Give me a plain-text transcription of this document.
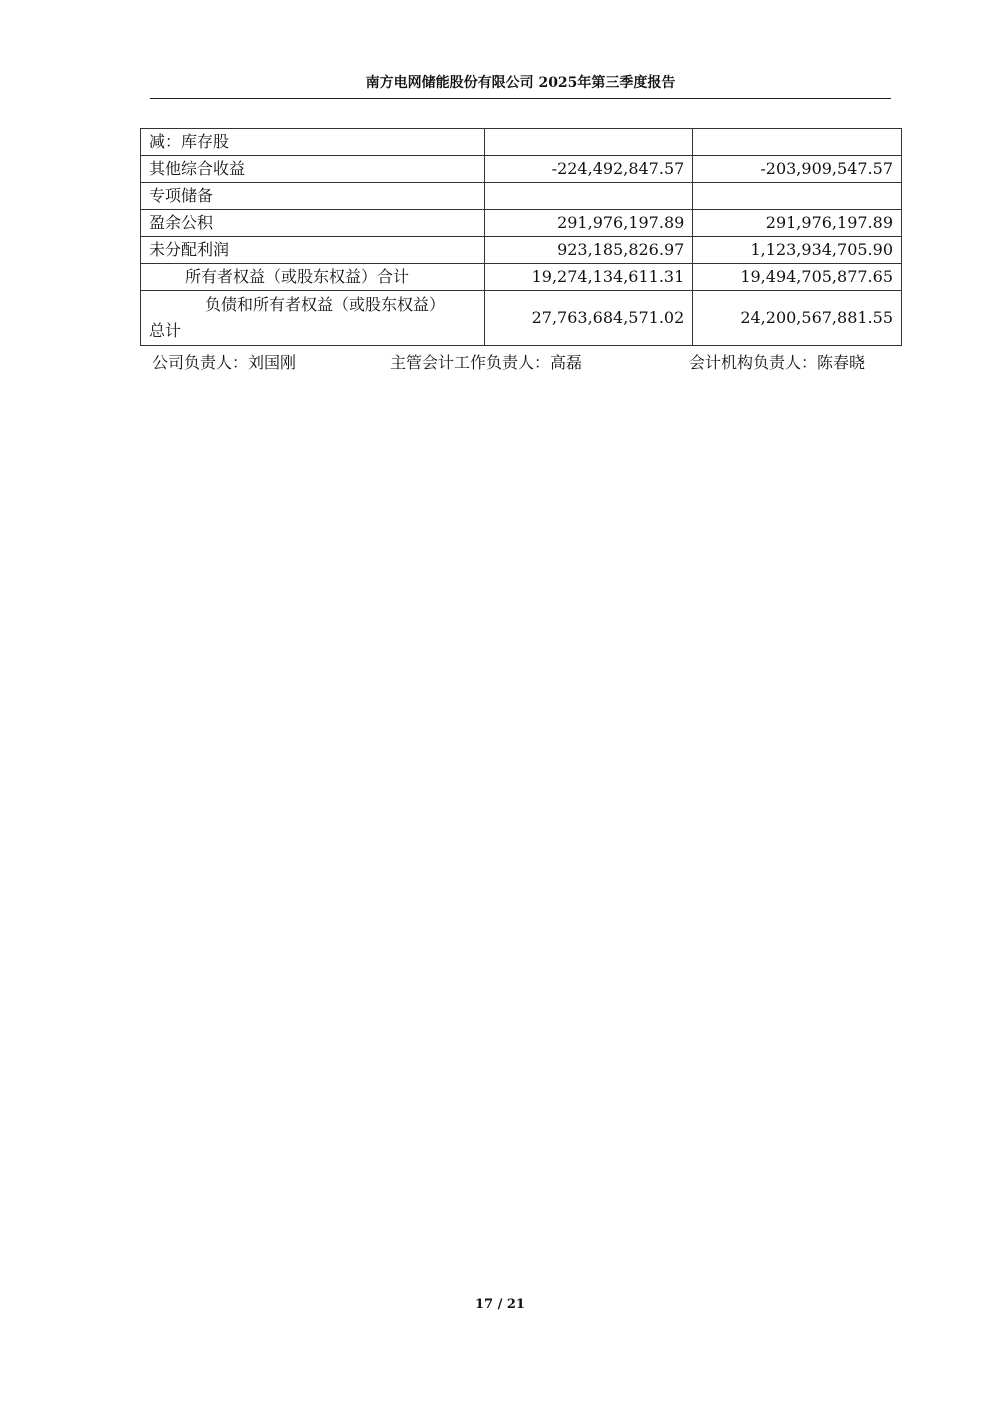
南方电网储能股份有限公司 2025年第三季度报告
减：库存股		
其他综合收益	-224,492,847.57	-203,909,547.57
专项储备		
盈余公积	291,976,197.89	291,976,197.89
未分配利润	923,185,826.97	1,123,934,705.90
所有者权益（或股东权益）合计	19,274,134,611.31	19,494,705,877.65

负债和所有者权益（或股东权益）
总计	27,763,684,571.02	24,200,567,881.55
公司负责人：刘国刚	主管会计工作负责人：高磊	会计机构负责人：陈春晓
17 / 21
